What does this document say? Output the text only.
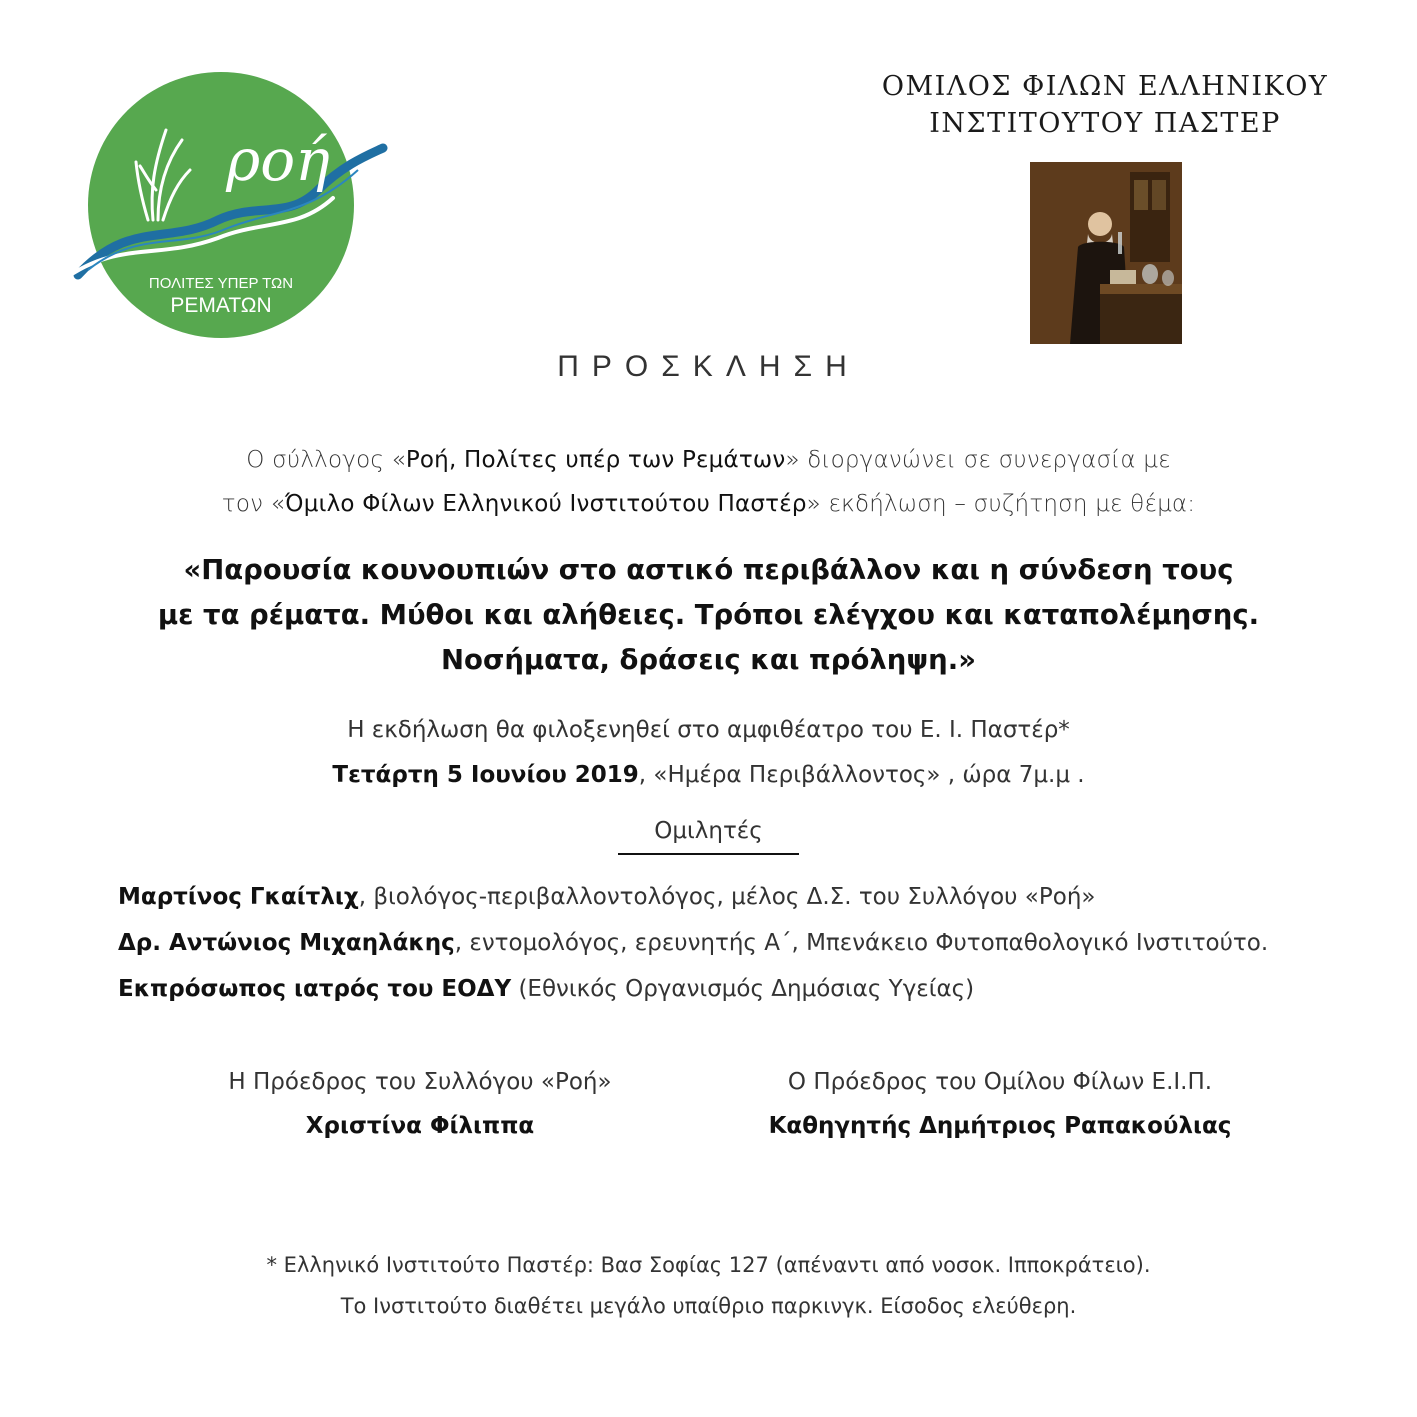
ροή
ΠΟΛΙΤΕΣ ΥΠΕΡ ΤΩΝ
ΡΕΜΑΤΩΝ
ΟΜΙΛΟΣ ΦΙΛΩΝ ΕΛΛΗΝΙΚΟΥ
ΙΝΣΤΙΤΟΥΤΟΥ ΠΑΣΤΕΡ
ΠΡΟΣΚΛΗΣΗ
Ο σύλλογος «Ροή, Πολίτες υπέρ των Ρεμάτων» διοργανώνει σε συνεργασία με
τον «Όμιλο Φίλων Ελληνικού Ινστιτούτου Παστέρ» εκδήλωση – συζήτηση με θέμα:
«Παρουσία κουνουπιών στο αστικό περιβάλλον και η σύνδεση τους
με τα ρέματα. Μύθοι και αλήθειες. Τρόποι ελέγχου και καταπολέμησης.
Νοσήματα, δράσεις και πρόληψη.»
Η εκδήλωση θα φιλοξενηθεί στο αμφιθέατρο του Ε. Ι. Παστέρ*
Τετάρτη 5 Ιουνίου 2019, «Ημέρα Περιβάλλοντος» , ώρα 7μ.μ .
Ομιλητές
Μαρτίνος Γκαίτλιχ, βιολόγος-περιβαλλοντολόγος, μέλος Δ.Σ. του Συλλόγου «Ροή»
Δρ. Αντώνιος Μιχαηλάκης, εντομολόγος, ερευνητής Α΄, Μπενάκειο Φυτοπαθολογικό Ινστιτούτο.
Εκπρόσωπος ιατρός του ΕΟΔΥ (Εθνικός Οργανισμός Δημόσιας Υγείας)
Η Πρόεδρος του Συλλόγου «Ροή»
Χριστίνα Φίλιππα
Ο Πρόεδρος του Ομίλου Φίλων Ε.Ι.Π.
Καθηγητής Δημήτριος Ραπακούλιας
* Ελληνικό Ινστιτούτο Παστέρ: Βασ Σοφίας 127 (απέναντι από νοσοκ. Ιπποκράτειο).
Το Ινστιτούτο διαθέτει μεγάλο υπαίθριο παρκινγκ. Είσοδος ελεύθερη.
